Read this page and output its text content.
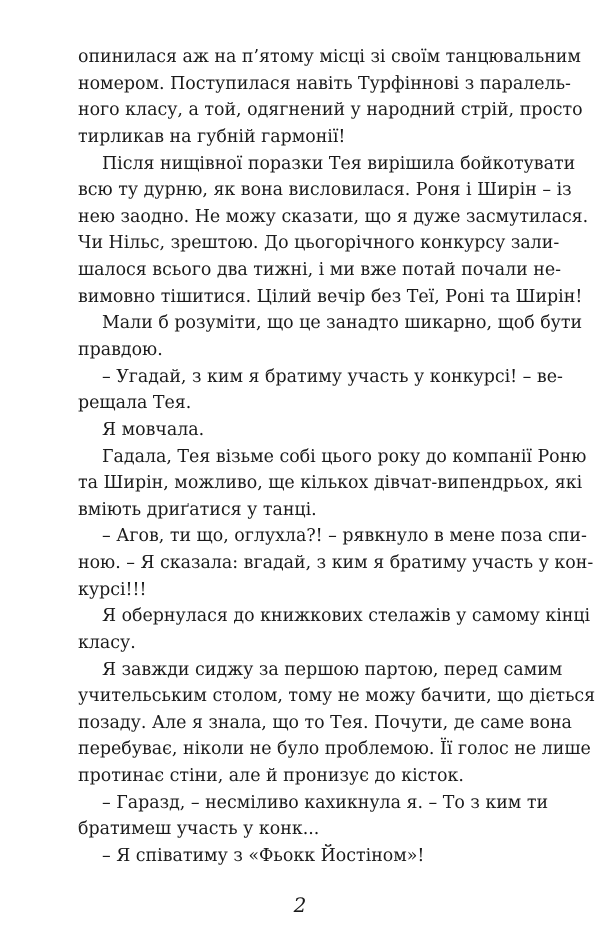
опинилася аж на п’ятому місці зі своїм танцювальним
номером. Поступилася навіть Турфіннові з паралель-
ного класу, а той, одягнений у народний стрій, просто
тирликав на губній гармонії!
Після нищівної поразки Тея вирішила бойкотувати
всю ту дурню, як вона висловилася. Роня і Ширін – із
нею заодно. Не можу сказати, що я дуже засмутилася.
Чи Нільс, зрештою. До цьогорічного конкурсу зали-
шалося всього два тижні, і ми вже потай почали не-
вимовно тішитися. Цілий вечір без Теї, Роні та Ширін!
Мали б розуміти, що це занадто шикарно, щоб бути
правдою.
– Угадай, з ким я братиму участь у конкурсі! – ве-
рещала Тея.
Я мовчала.
Гадала, Тея візьме собі цього року до компанії Роню
та Ширін, можливо, ще кількох дівчат-випендрьох, які
вміють дриґатися у танці.
– Агов, ти що, оглухла?! – рявкнуло в мене поза спи-
ною. – Я сказала: вгадай, з ким я братиму участь у кон-
курсі!!!
Я обернулася до книжкових стелажів у самому кінці
класу.
Я завжди сиджу за першою партою, перед самим
учительським столом, тому не можу бачити, що діється
позаду. Але я знала, що то Тея. Почути, де саме вона
перебуває, ніколи не було проблемою. Її голос не лише
протинає стіни, але й пронизує до кісток.
– Гаразд, – несміливо кахикнула я. – То з ким ти
братимеш участь у конк...
– Я співатиму з «Фьокк Йостіном»!
2
